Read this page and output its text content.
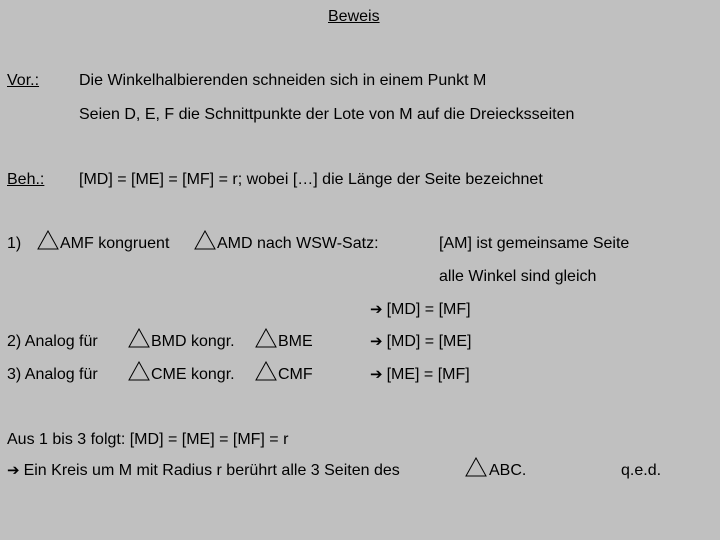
Beweis
Vor.: Die Winkelhalbierenden schneiden sich in einem Punkt M
Seien D, E, F die Schnittpunkte der Lote von M auf die Dreiecksseiten
Beh.: [MD] = [ME] = [MF] = r; wobei […] die Länge der Seite bezeichnet
1) AMF kongruent	AMD nach WSW-Satz:	[AM] ist gemeinsame Seite
alle Winkel sind gleich
➔ [MD] = [MF]
2) Analog für	BMD kongr.	BME	➔ [MD] = [ME]
3) Analog für	CME kongr.	CMF	➔ [ME] = [MF]
Aus 1 bis 3 folgt: [MD] = [ME] = [MF] = r
➔ Ein Kreis um M mit Radius r berührt alle 3 Seiten des	ABC.	q.e.d.
